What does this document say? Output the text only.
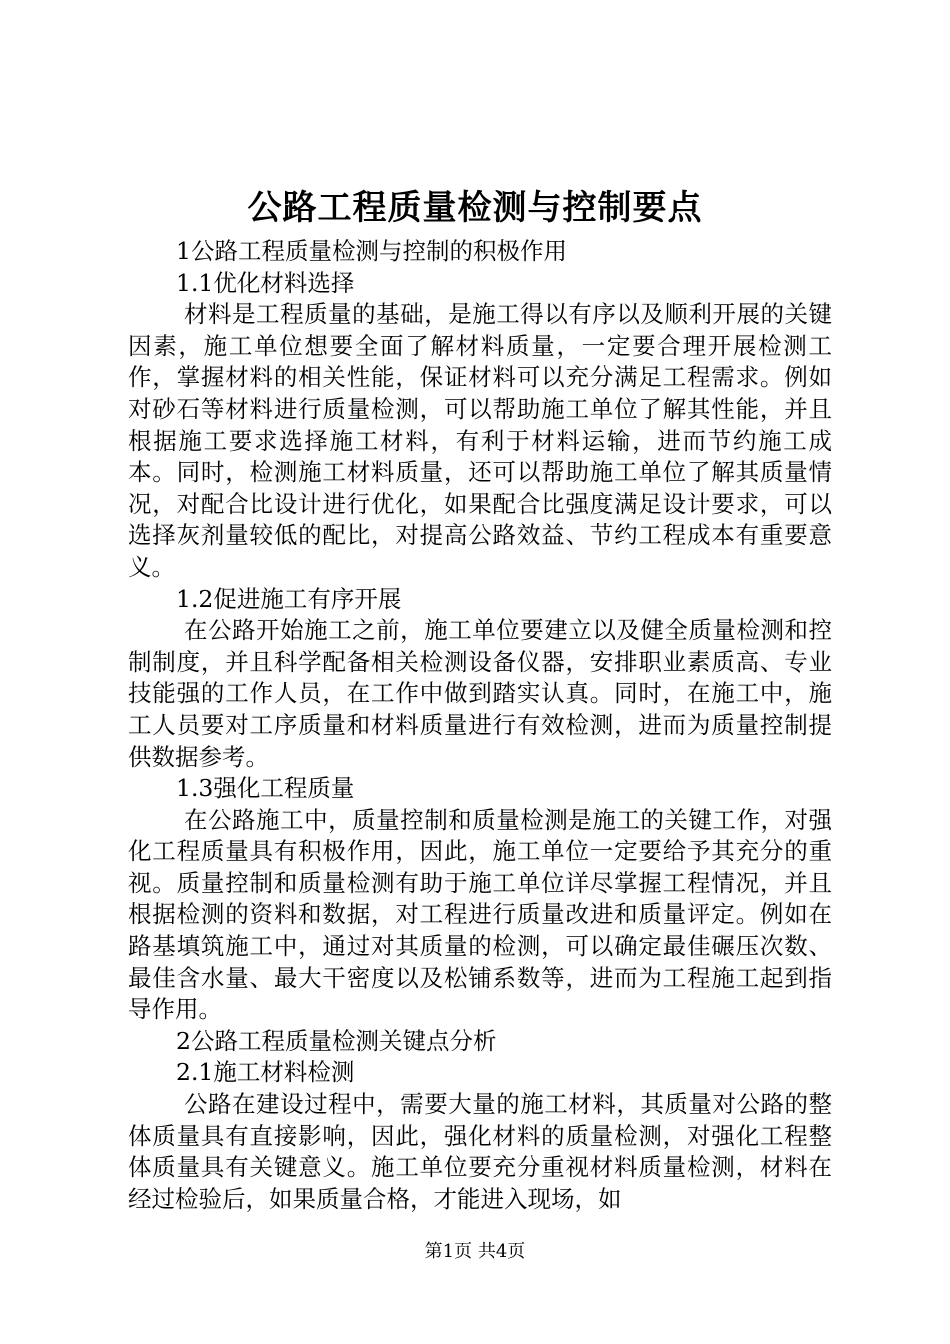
公路工程质量检测与控制要点

1公路工程质量检测与控制的积极作用

1.1优化材料选择

材料是工程质量的基础，是施工得以有序以及顺利开展的关键因素，施工单位想要全面了解材料质量，一定要合理开展检测工作，掌握材料的相关性能，保证材料可以充分满足工程需求。例如对砂石等材料进行质量检测，可以帮助施工单位了解其性能，并且根据施工要求选择施工材料，有利于材料运输，进而节约施工成本。同时，检测施工材料质量，还可以帮助施工单位了解其质量情况，对配合比设计进行优化，如果配合比强度满足设计要求，可以选择灰剂量较低的配比，对提高公路效益、节约工程成本有重要意义。

1.2促进施工有序开展

在公路开始施工之前，施工单位要建立以及健全质量检测和控制制度，并且科学配备相关检测设备仪器，安排职业素质高、专业技能强的工作人员，在工作中做到踏实认真。同时，在施工中，施工人员要对工序质量和材料质量进行有效检测，进而为质量控制提供数据参考。

1.3强化工程质量

在公路施工中，质量控制和质量检测是施工的关键工作，对强化工程质量具有积极作用，因此，施工单位一定要给予其充分的重视。质量控制和质量检测有助于施工单位详尽掌握工程情况，并且根据检测的资料和数据，对工程进行质量改进和质量评定。例如在路基填筑施工中，通过对其质量的检测，可以确定最佳碾压次数、最佳含水量、最大干密度以及松铺系数等，进而为工程施工起到指导作用。

2公路工程质量检测关键点分析

2.1施工材料检测

公路在建设过程中，需要大量的施工材料，其质量对公路的整体质量具有直接影响，因此，强化材料的质量检测，对强化工程整体质量具有关键意义。施工单位要充分重视材料质量检测，材料在经过检验后，如果质量合格，才能进入现场，如

第1页 共4页
